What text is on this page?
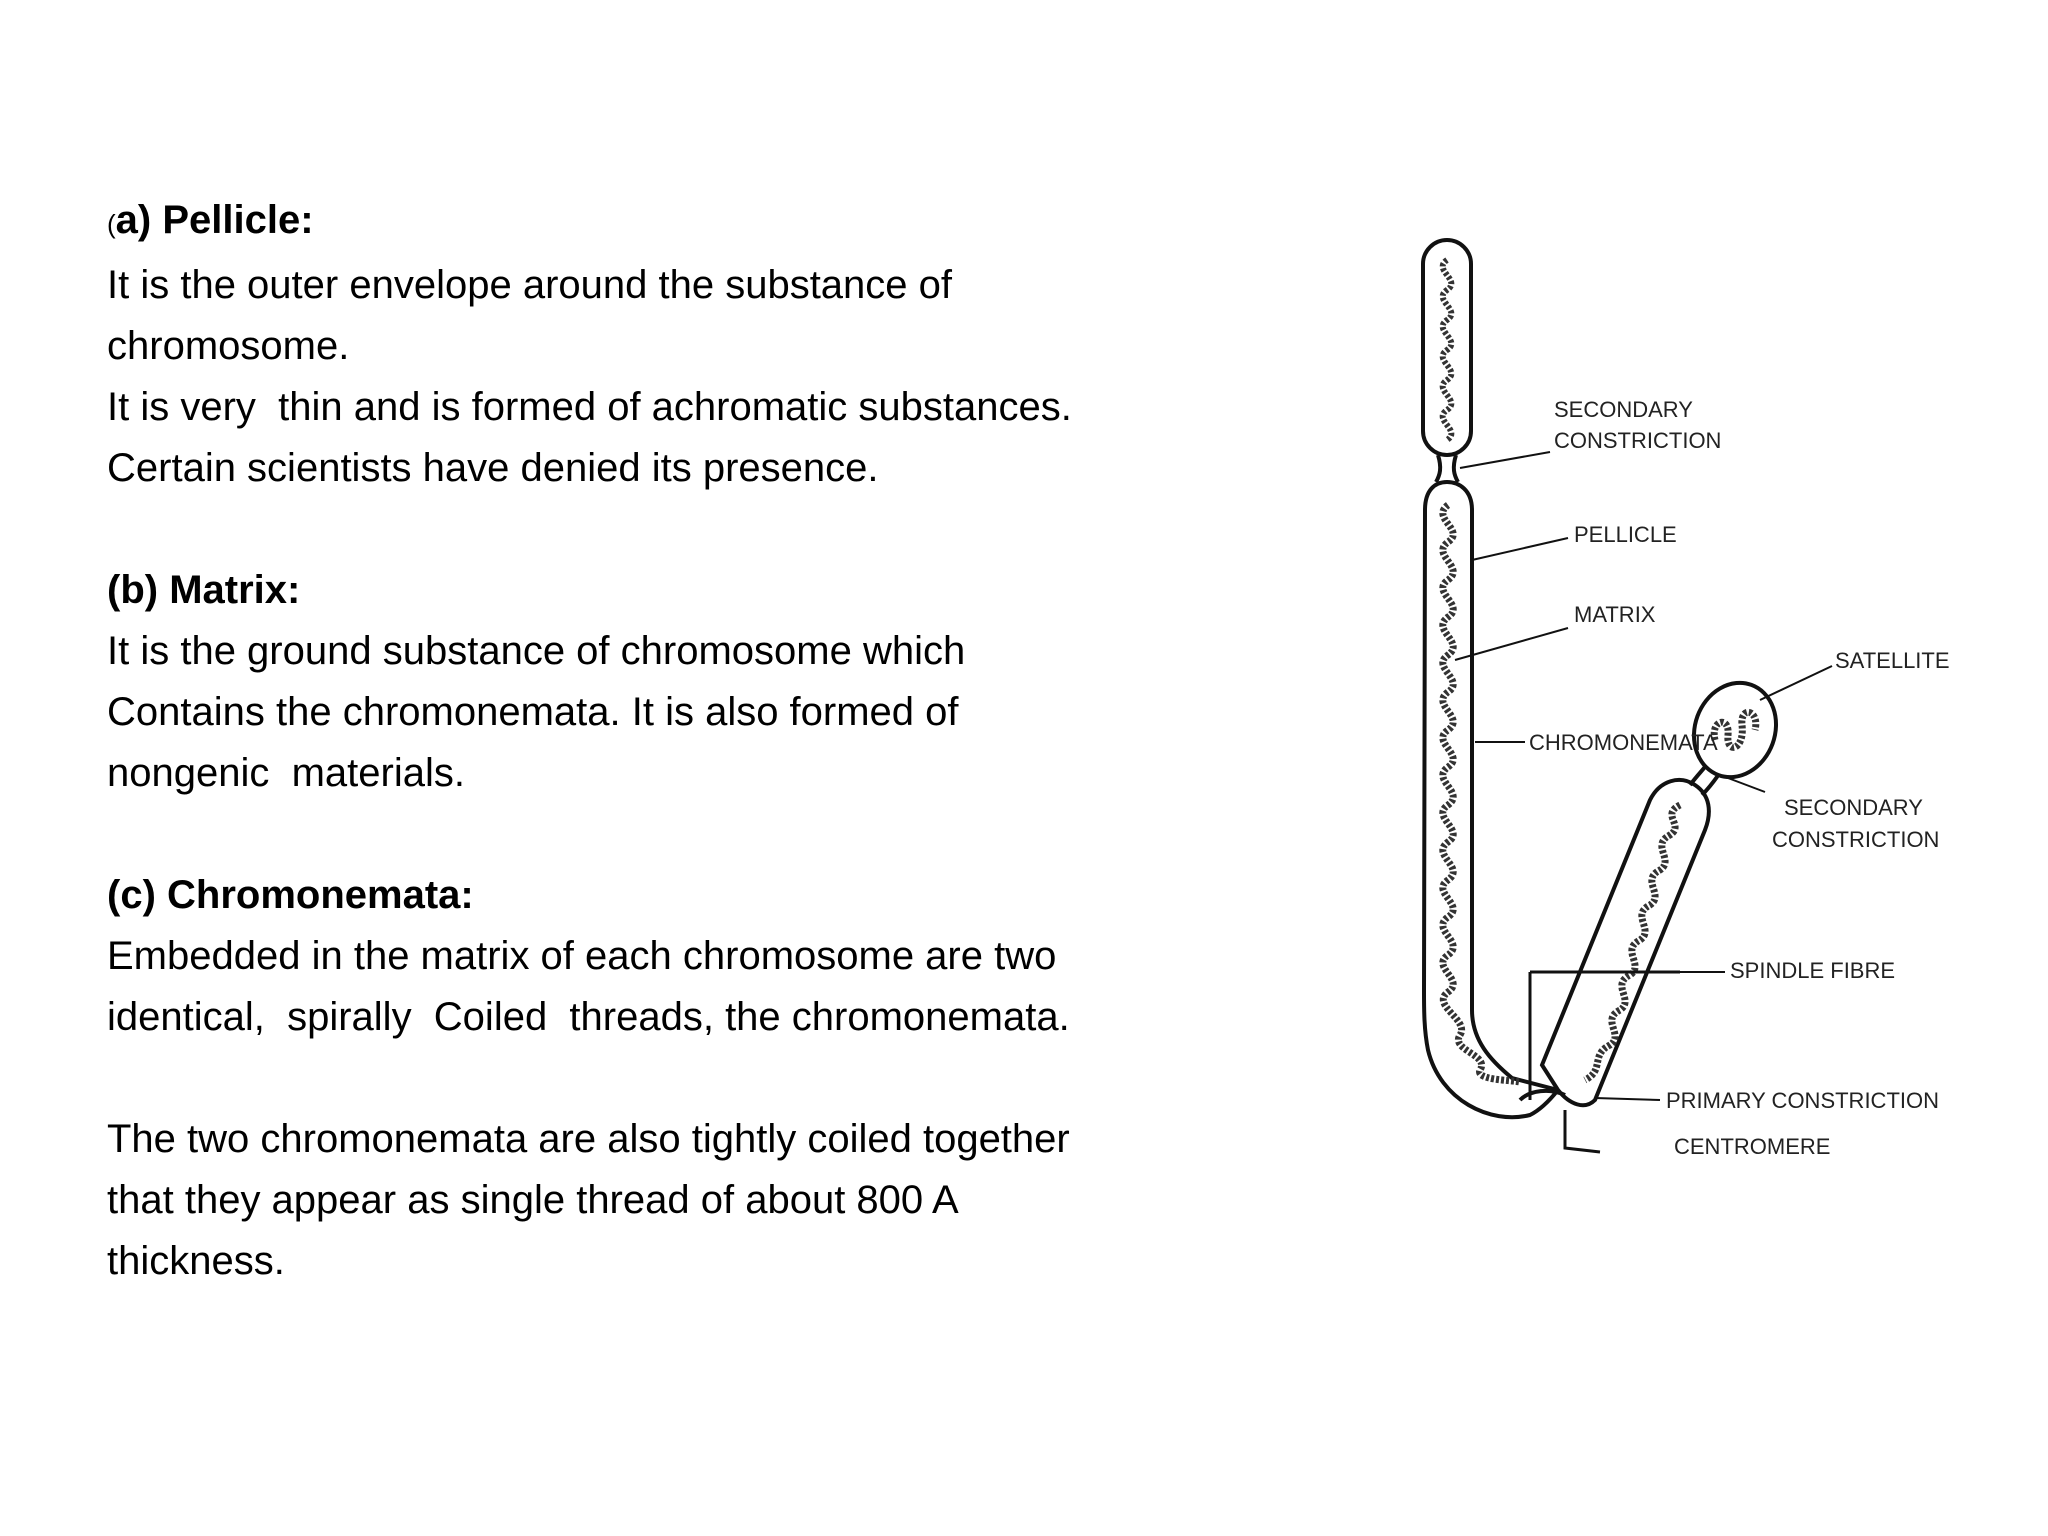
(a) Pellicle:
It is the outer envelope around the substance of
chromosome.
It is very  thin and is formed of achromatic substances.
Certain scientists have denied its presence.
(b) Matrix:
It is the ground substance of chromosome which
Contains the chromonemata. It is also formed of
nongenic  materials.
(c) Chromonemata:
Embedded in the matrix of each chromosome are two
identical,  spirally  Coiled  threads, the chromonemata.
The two chromonemata are also tightly coiled together
that they appear as single thread of about 800 A
thickness.
SECONDARY
CONSTRICTION
PELLICLE
MATRIX
SATELLITE
CHROMONEMATA
SECONDARY
CONSTRICTION
SPINDLE FIBRE
PRIMARY CONSTRICTION
CENTROMERE
